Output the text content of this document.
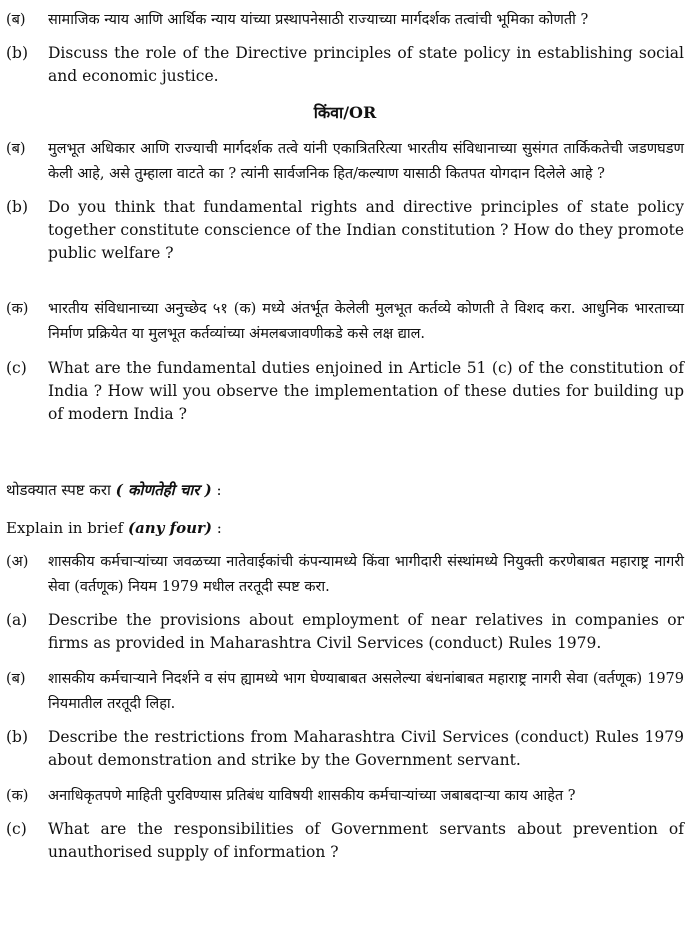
(ब)	सामाजिक न्याय आणि आर्थिक न्याय यांच्या प्रस्थापनेसाठी राज्याच्या मार्गदर्शक तत्वांची भूमिका कोणती ?
(b)	Discuss the role of the Directive principles of state policy in establishing social and economic justice.
किंवा/OR
(ब)	मुलभूत अधिकार आणि राज्याची मार्गदर्शक तत्वे यांनी एकात्रितरित्या भारतीय संविधानाच्या सुसंगत तार्किकतेची जडणघडण केली आहे, असे तुम्हाला वाटते का ? त्यांनी सार्वजनिक हित/कल्याण यासाठी कितपत योगदान दिलेले आहे ?
(b)	Do you think that fundamental rights and directive principles of state policy together constitute conscience of the Indian constitution ? How do they promote public welfare ?
(क)	भारतीय संविधानाच्या अनुच्छेद ५१ (क) मध्ये अंतर्भूत केलेली मुलभूत कर्तव्ये कोणती ते विशद करा. आधुनिक भारताच्या निर्माण प्रक्रियेत या मुलभूत कर्तव्यांच्या अंमलबजावणीकडे कसे लक्ष द्याल.
(c)	What are the fundamental duties enjoined in Article 51 (c) of the constitution of India ? How will you observe the implementation of these duties for building up of modern India ?
थोडक्यात स्पष्ट करा ( कोणतेही चार ) :
Explain in brief (any four) :
(अ)	शासकीय कर्मचाऱ्यांच्या जवळच्या नातेवाईकांची कंपन्यामध्ये किंवा भागीदारी संस्थांमध्ये नियुक्ती करणेबाबत महाराष्ट्र नागरी सेवा (वर्तणूक) नियम 1979 मधील तरतूदी स्पष्ट करा.
(a)	Describe the provisions about employment of near relatives in companies or firms as provided in Maharashtra Civil Services (conduct) Rules 1979.
(ब)	शासकीय कर्मचाऱ्याने निदर्शने व संप ह्यामध्ये भाग घेण्याबाबत असलेल्या बंधनांबाबत महाराष्ट्र नागरी सेवा (वर्तणूक) 1979 नियमातील तरतूदी लिहा.
(b)	Describe the restrictions from Maharashtra Civil Services (conduct) Rules 1979 about demonstration and strike by the Government servant.
(क)	अनाधिकृतपणे माहिती पुरविण्यास प्रतिबंध याविषयी शासकीय कर्मचाऱ्यांच्या जबाबदाऱ्या काय आहेत ?
(c)	What are the responsibilities of Government servants about prevention of unauthorised supply of information ?
